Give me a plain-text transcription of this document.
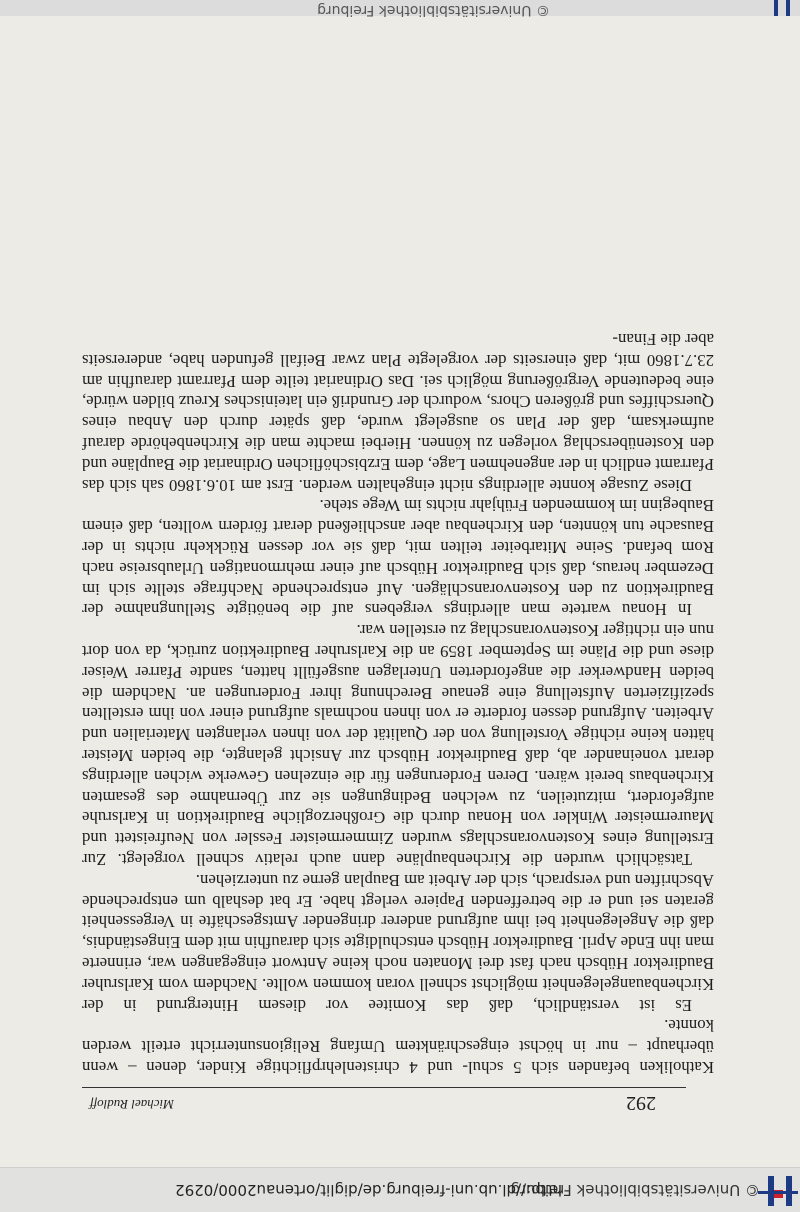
© Universitätsbibliothek Freiburg
http://dl.ub.uni-freiburg.de/diglit/ortenau2000/0292
292
Michael Rudloff

Katholiken befanden sich 5 schul- und 4 christenlehrpflichtige Kinder, denen – wenn überhaupt – nur in höchst eingeschränktem Umfang Religionsunterricht erteilt werden konnte.

Es ist verständlich, daß das Komitee vor diesem Hintergrund in der Kirchenbauangelegenheit möglichst schnell voran kommen wollte. Nachdem vom Karlsruher Baudirektor Hübsch nach fast drei Monaten noch keine Antwort eingegangen war, erinnerte man ihn Ende April. Baudirektor Hübsch entschuldigte sich daraufhin mit dem Eingeständnis, daß die Angelegenheit bei ihm aufgrund anderer dringender Amtsgeschäfte in Vergessenheit geraten sei und er die betreffenden Papiere verlegt habe. Er bat deshalb um entsprechende Abschriften und versprach, sich der Arbeit am Bauplan gerne zu unterziehen.

Tatsächlich wurden die Kirchenbaupläne dann auch relativ schnell vorgelegt. Zur Erstellung eines Kostenvoranschlags wurden Zimmermeister Fessler von Neufreistett und Maurermeister Winkler von Honau durch die Großherzogliche Baudirektion in Karlsruhe aufgefordert, mitzuteilen, zu welchen Bedingungen sie zur Übernahme des gesamten Kirchenbaus bereit wären. Deren Forderungen für die einzelnen Gewerke wichen allerdings derart voneinander ab, daß Baudirektor Hübsch zur Ansicht gelangte, die beiden Meister hätten keine richtige Vorstellung von der Qualität der von ihnen verlangten Materialien und Arbeiten. Aufgrund dessen forderte er von ihnen nochmals aufgrund einer von ihm erstellten spezifizierten Aufstellung eine genaue Berechnung ihrer Forderungen an. Nachdem die beiden Handwerker die angeforderten Unterlagen ausgefüllt hatten, sandte Pfarrer Weiser diese und die Pläne im September 1859 an die Karlsruher Baudirektion zurück, da von dort nun ein richtiger Kostenvoranschlag zu erstellen war.

In Honau wartete man allerdings vergebens auf die benötigte Stellungnahme der Baudirektion zu den Kostenvoranschlägen. Auf entsprechende Nachfrage stellte sich im Dezember heraus, daß sich Baudirektor Hübsch auf einer mehrmonatigen Urlaubsreise nach Rom befand. Seine Mitarbeiter teilten mit, daß sie vor dessen Rückkehr nichts in der Bausache tun könnten, den Kirchenbau aber anschließend derart fördern wollten, daß einem Baubeginn im kommenden Frühjahr nichts im Wege stehe.

Diese Zusage konnte allerdings nicht eingehalten werden. Erst am 10.6.1860 sah sich das Pfarramt endlich in der angenehmen Lage, dem Erzbischöflichen Ordinariat die Baupläne und den Kostenüberschlag vorlegen zu können. Hierbei machte man die Kirchenbehörde darauf aufmerksam, daß der Plan so ausgelegt wurde, daß später durch den Anbau eines Querschiffes und größeren Chors, wodurch der Grundriß ein lateinisches Kreuz bilden würde, eine bedeutende Vergrößerung möglich sei. Das Ordinariat teilte dem Pfarramt daraufhin am 23.7.1860 mit, daß einerseits der vorgelegte Plan zwar Beifall gefunden habe, andererseits aber die Finan-

© Universitätsbibliothek Freiburg
